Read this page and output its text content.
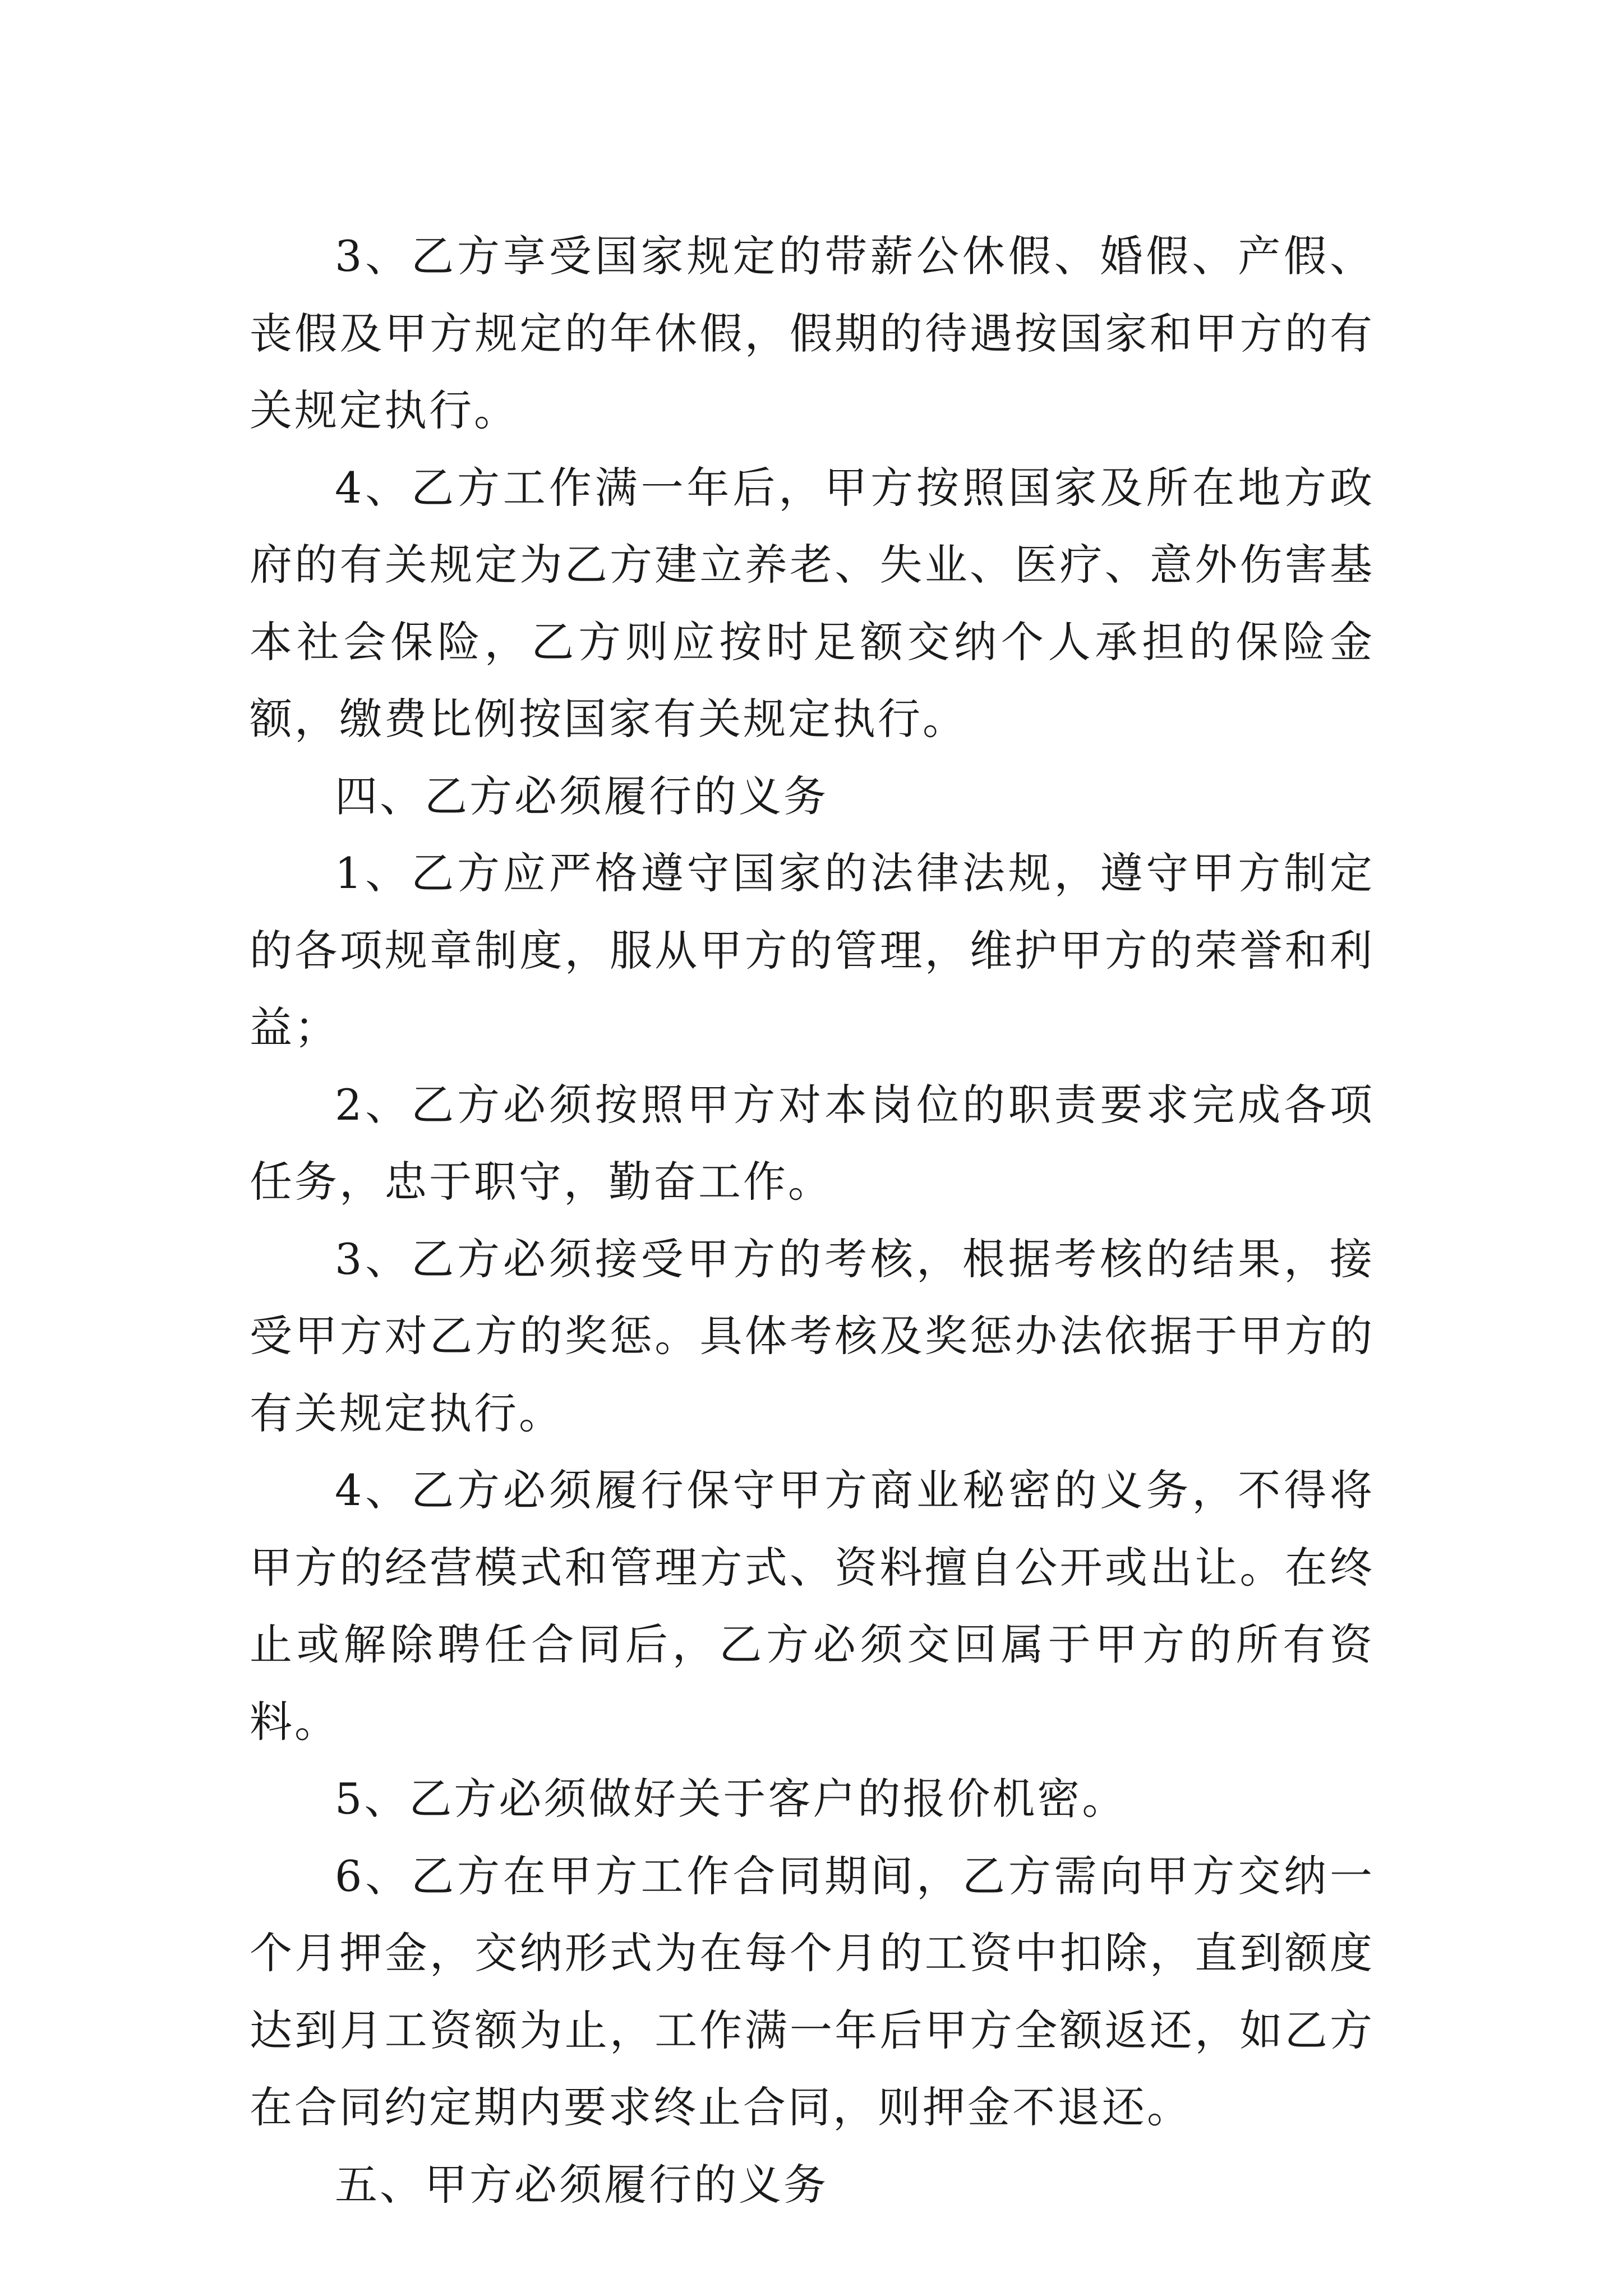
3、乙方享受国家规定的带薪公休假、婚假、产假、丧假及甲方规定的年休假，假期的待遇按国家和甲方的有关规定执行。

4、乙方工作满一年后，甲方按照国家及所在地方政府的有关规定为乙方建立养老、失业、医疗、意外伤害基本社会保险，乙方则应按时足额交纳个人承担的保险金额，缴费比例按国家有关规定执行。

四、乙方必须履行的义务

1、乙方应严格遵守国家的法律法规，遵守甲方制定的各项规章制度，服从甲方的管理，维护甲方的荣誉和利益；

2、乙方必须按照甲方对本岗位的职责要求完成各项任务，忠于职守，勤奋工作。

3、乙方必须接受甲方的考核，根据考核的结果，接受甲方对乙方的奖惩。具体考核及奖惩办法依据于甲方的有关规定执行。

4、乙方必须履行保守甲方商业秘密的义务，不得将甲方的经营模式和管理方式、资料擅自公开或出让。在终止或解除聘任合同后，乙方必须交回属于甲方的所有资料。

5、乙方必须做好关于客户的报价机密。

6、乙方在甲方工作合同期间，乙方需向甲方交纳一个月押金，交纳形式为在每个月的工资中扣除，直到额度达到月工资额为止，工作满一年后甲方全额返还，如乙方在合同约定期内要求终止合同，则押金不退还。

五、甲方必须履行的义务
